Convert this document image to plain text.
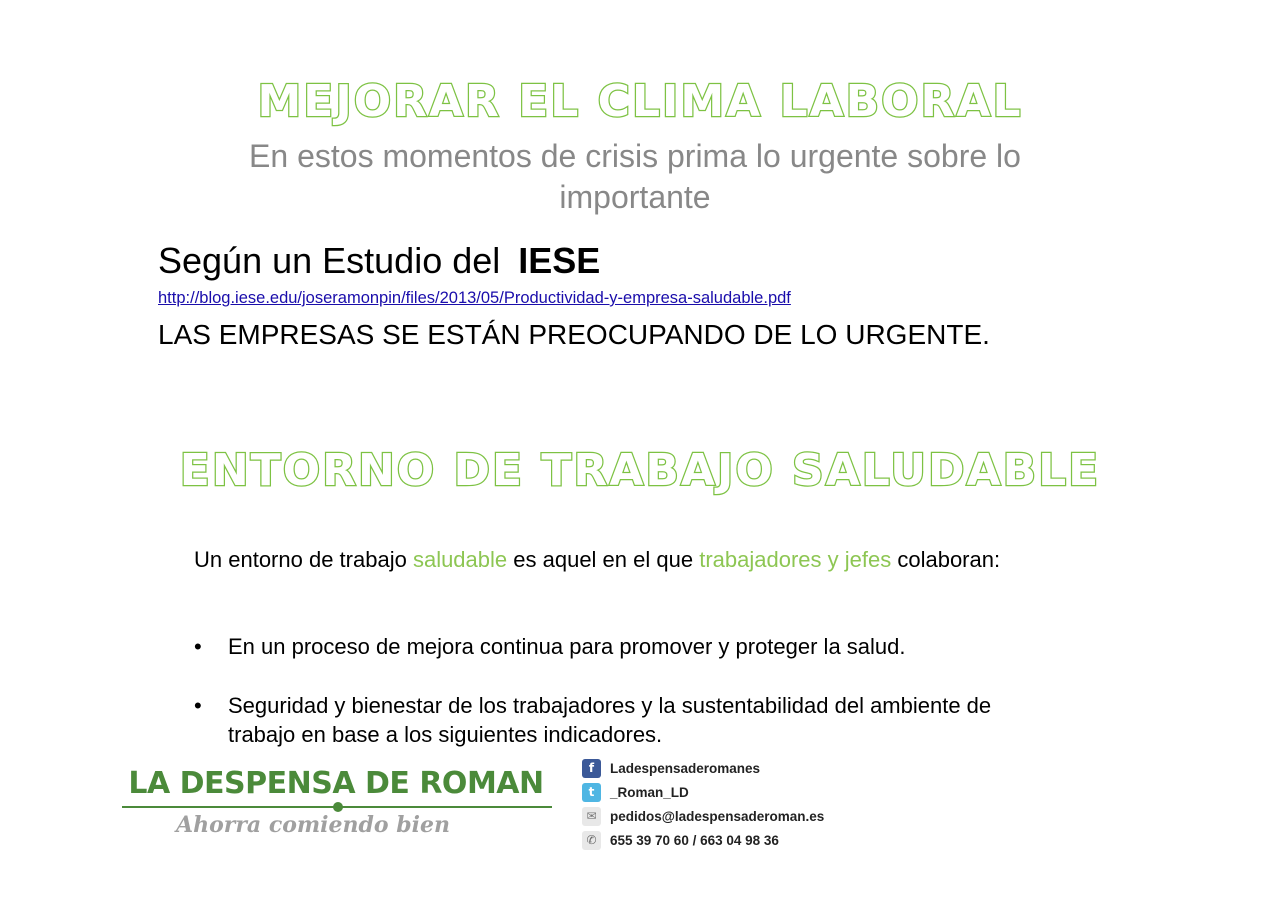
MEJORAR EL CLIMA LABORAL
En estos momentos de crisis prima lo urgente sobre lo importante
Según un Estudio del IESE
http://blog.iese.edu/joseramonpin/files/2013/05/Productividad-y-empresa-saludable.pdf
LAS EMPRESAS SE ESTÁN PREOCUPANDO DE LO URGENTE.
ENTORNO DE TRABAJO SALUDABLE
Un entorno de trabajo saludable es aquel en el que trabajadores y jefes colaboran:
•	En un proceso de mejora continua para promover y proteger la salud.
•	Seguridad y bienestar de los trabajadores y la sustentabilidad del ambiente de trabajo en base a los siguientes indicadores.
LA DESPENSA DE ROMAN
Ahorra comiendo bien
f	Ladespensaderomanes
t	_Roman_LD
✉ pedidos@ladespensaderoman.es
✆ 655 39 70 60 / 663 04 98 36
